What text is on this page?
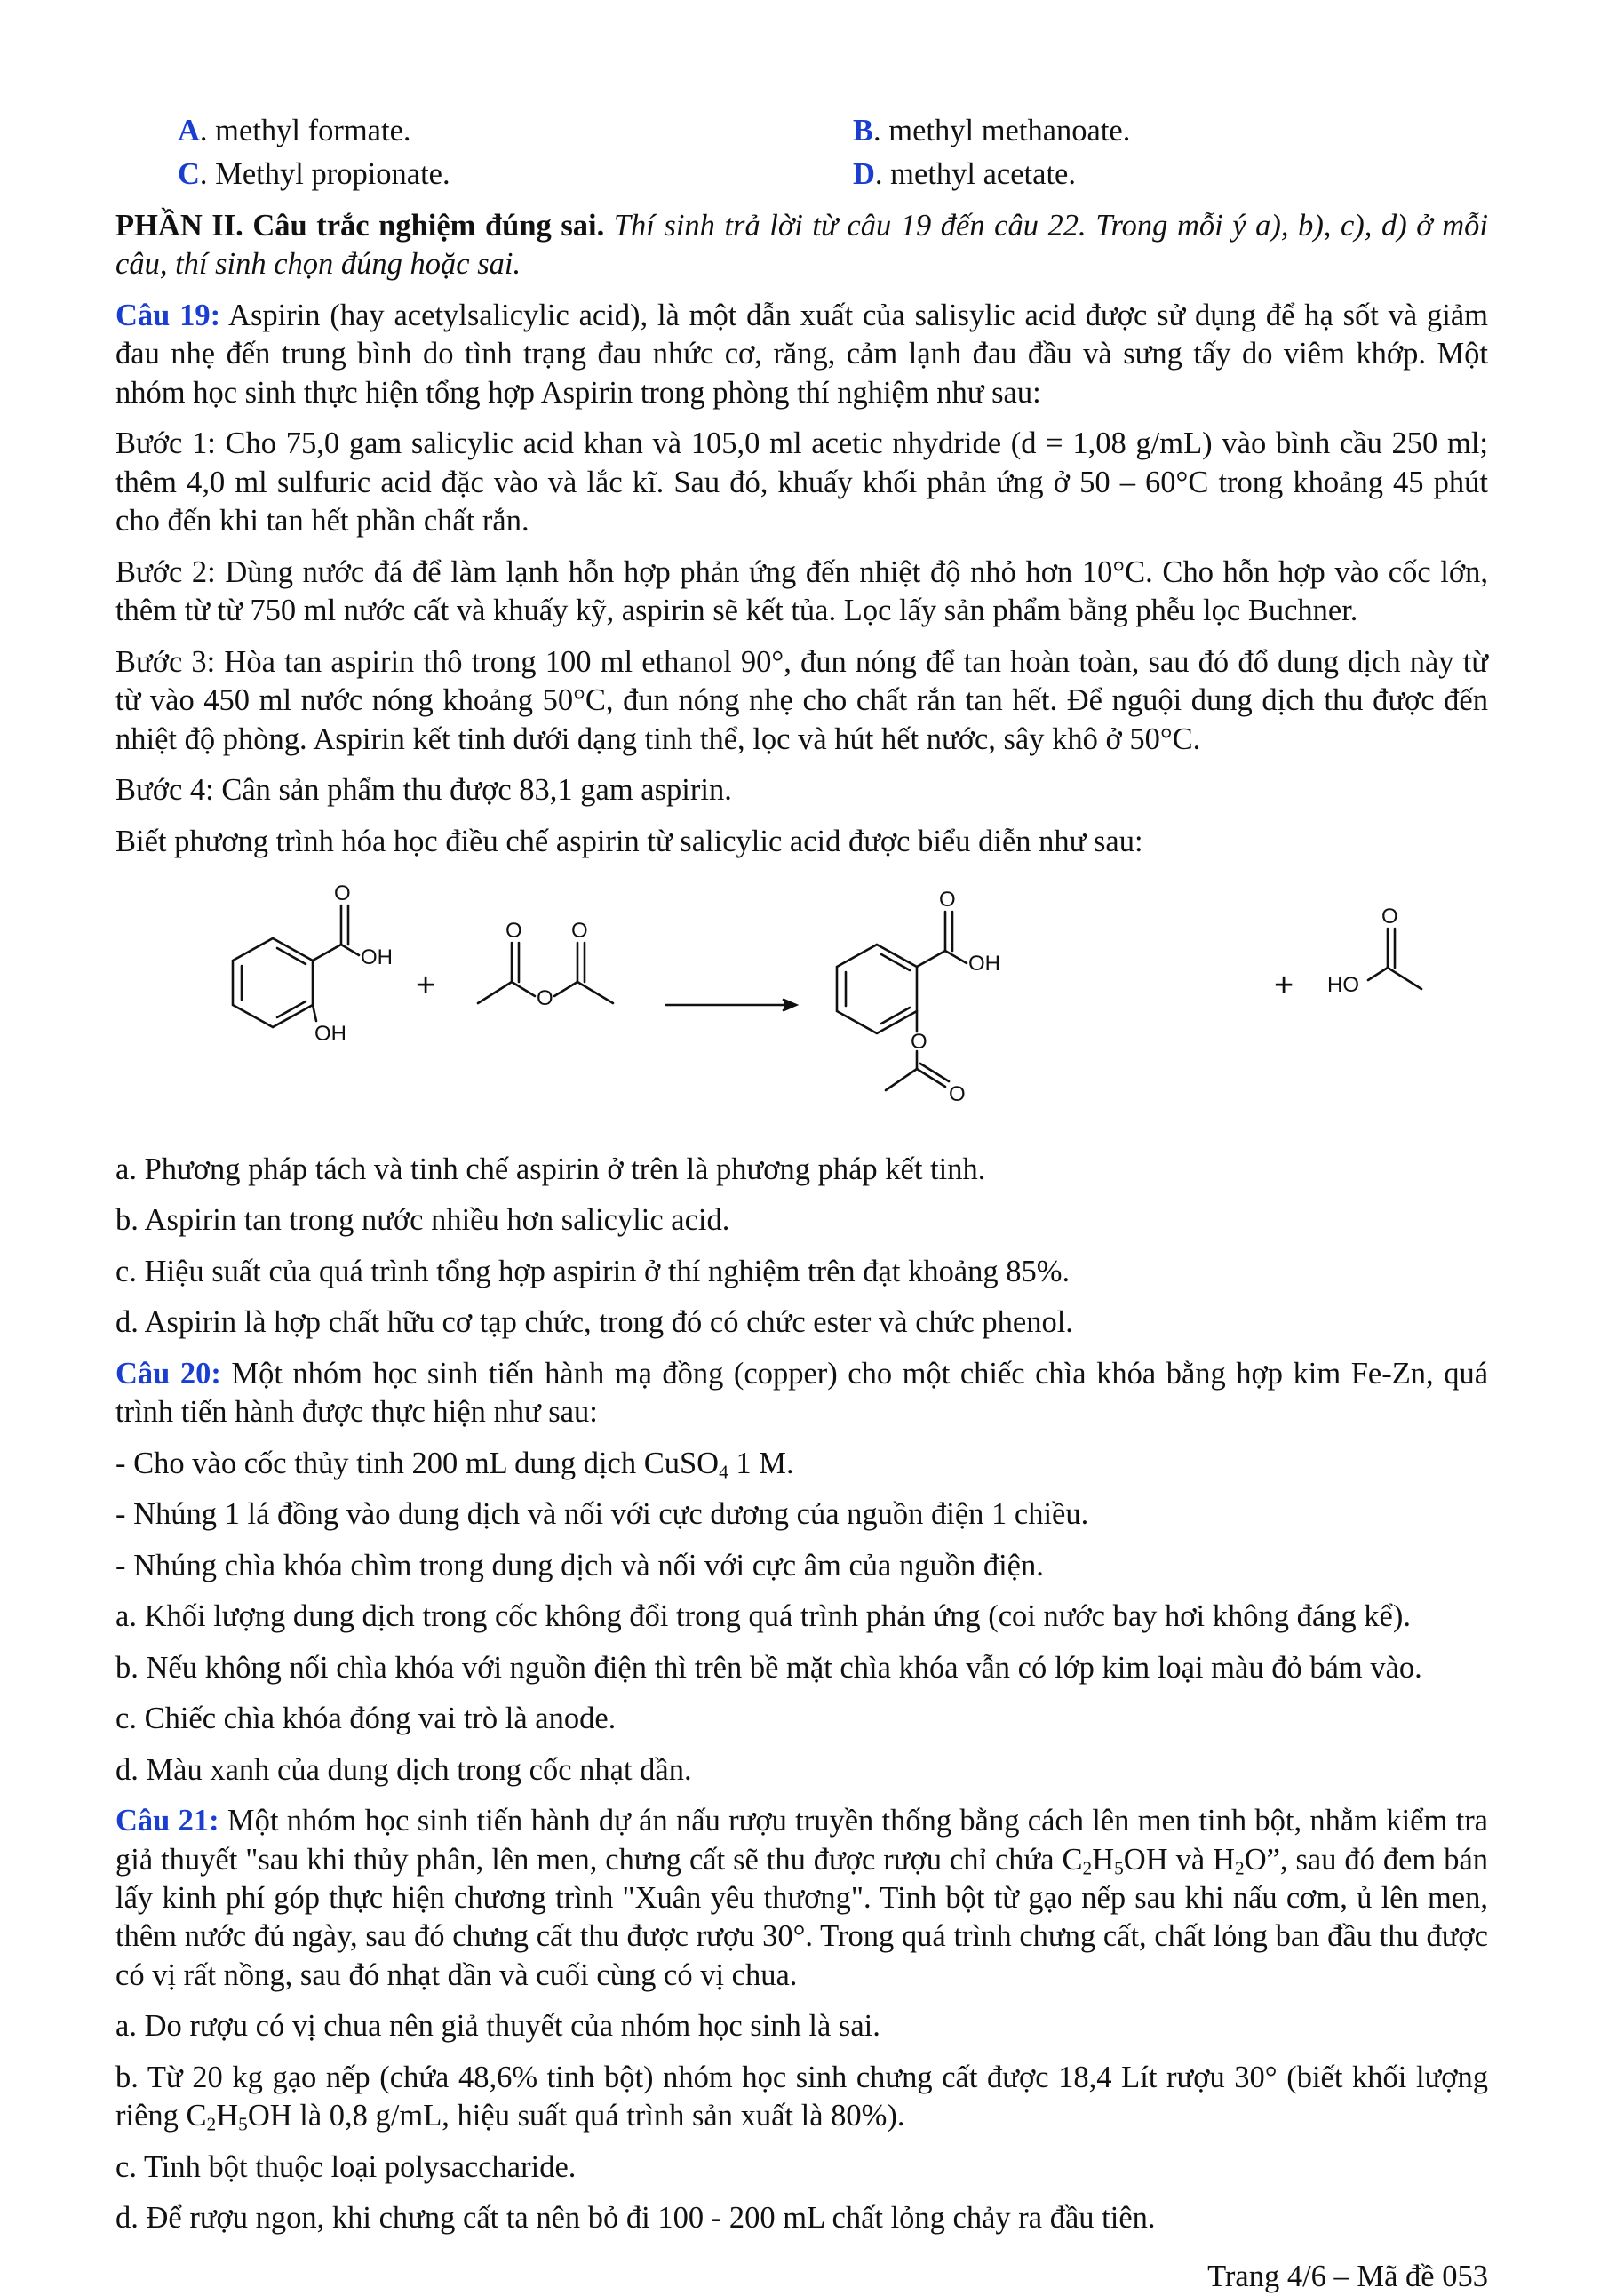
A. methyl formate.	B. methyl methanoate.
C. Methyl propionate.	D. methyl acetate.

PHẦN II. Câu trắc nghiệm đúng sai. Thí sinh trả lời từ câu 19 đến câu 22. Trong mỗi ý a), b), c), d) ở mỗi câu, thí sinh chọn đúng hoặc sai.

Câu 19: Aspirin (hay acetylsalicylic acid), là một dẫn xuất của salisylic acid được sử dụng để hạ sốt và giảm đau nhẹ đến trung bình do tình trạng đau nhức cơ, răng, cảm lạnh đau đầu và sưng tấy do viêm khớp. Một nhóm học sinh thực hiện tổng hợp Aspirin trong phòng thí nghiệm như sau:

Bước 1: Cho 75,0 gam salicylic acid khan và 105,0 ml acetic nhydride (d = 1,08 g/mL) vào bình cầu 250 ml; thêm 4,0 ml sulfuric acid đặc vào và lắc kĩ. Sau đó, khuấy khối phản ứng ở 50 – 60°C trong khoảng 45 phút cho đến khi tan hết phần chất rắn.

Bước 2: Dùng nước đá để làm lạnh hỗn hợp phản ứng đến nhiệt độ nhỏ hơn 10°C. Cho hỗn hợp vào cốc lớn, thêm từ từ 750 ml nước cất và khuấy kỹ, aspirin sẽ kết tủa. Lọc lấy sản phẩm bằng phễu lọc Buchner.

Bước 3: Hòa tan aspirin thô trong 100 ml ethanol 90°, đun nóng để tan hoàn toàn, sau đó đổ dung dịch này từ từ vào 450 ml nước nóng khoảng 50°C, đun nóng nhẹ cho chất rắn tan hết. Để nguội dung dịch thu được đến nhiệt độ phòng. Aspirin kết tinh dưới dạng tinh thể, lọc và hút hết nước, sây khô ở 50°C.

Bước 4: Cân sản phẩm thu được 83,1 gam aspirin.

Biết phương trình hóa học điều chế aspirin từ salicylic acid được biểu diễn như sau:

O
OH
OH
+
O O
O
O
OH
O
O
+ HO
O

a. Phương pháp tách và tinh chế aspirin ở trên là phương pháp kết tinh.

b. Aspirin tan trong nước nhiều hơn salicylic acid.

c. Hiệu suất của quá trình tổng hợp aspirin ở thí nghiệm trên đạt khoảng 85%.

d. Aspirin là hợp chất hữu cơ tạp chức, trong đó có chức ester và chức phenol.

Câu 20: Một nhóm học sinh tiến hành mạ đồng (copper) cho một chiếc chìa khóa bằng hợp kim Fe-Zn, quá trình tiến hành được thực hiện như sau:

- Cho vào cốc thủy tinh 200 mL dung dịch CuSO$_4$ 1 M.

- Nhúng 1 lá đồng vào dung dịch và nối với cực dương của nguồn điện 1 chiều.

- Nhúng chìa khóa chìm trong dung dịch và nối với cực âm của nguồn điện.

a. Khối lượng dung dịch trong cốc không đổi trong quá trình phản ứng (coi nước bay hơi không đáng kể).

b. Nếu không nối chìa khóa với nguồn điện thì trên bề mặt chìa khóa vẫn có lớp kim loại màu đỏ bám vào.

c. Chiếc chìa khóa đóng vai trò là anode.

d. Màu xanh của dung dịch trong cốc nhạt dần.

Câu 21: Một nhóm học sinh tiến hành dự án nấu rượu truyền thống bằng cách lên men tinh bột, nhằm kiểm tra giả thuyết "sau khi thủy phân, lên men, chưng cất sẽ thu được rượu chỉ chứa $C_2H_5OH$ và $H_2O$”, sau đó đem bán lấy kinh phí góp thực hiện chương trình "Xuân yêu thương". Tinh bột từ gạo nếp sau khi nấu cơm, ủ lên men, thêm nước đủ ngày, sau đó chưng cất thu được rượu 30°. Trong quá trình chưng cất, chất lỏng ban đầu thu được có vị rất nồng, sau đó nhạt dần và cuối cùng có vị chua.

a. Do rượu có vị chua nên giả thuyết của nhóm học sinh là sai.

b. Từ 20 kg gạo nếp (chứa 48,6% tinh bột) nhóm học sinh chưng cất được 18,4 Lít rượu 30° (biết khối lượng riêng $C_2H_5OH$ là 0,8 g/mL, hiệu suất quá trình sản xuất là 80%).

c. Tinh bột thuộc loại polysaccharide.

d. Để rượu ngon, khi chưng cất ta nên bỏ đi 100 - 200 mL chất lỏng chảy ra đầu tiên.

Trang 4/6 – Mã đề 053
